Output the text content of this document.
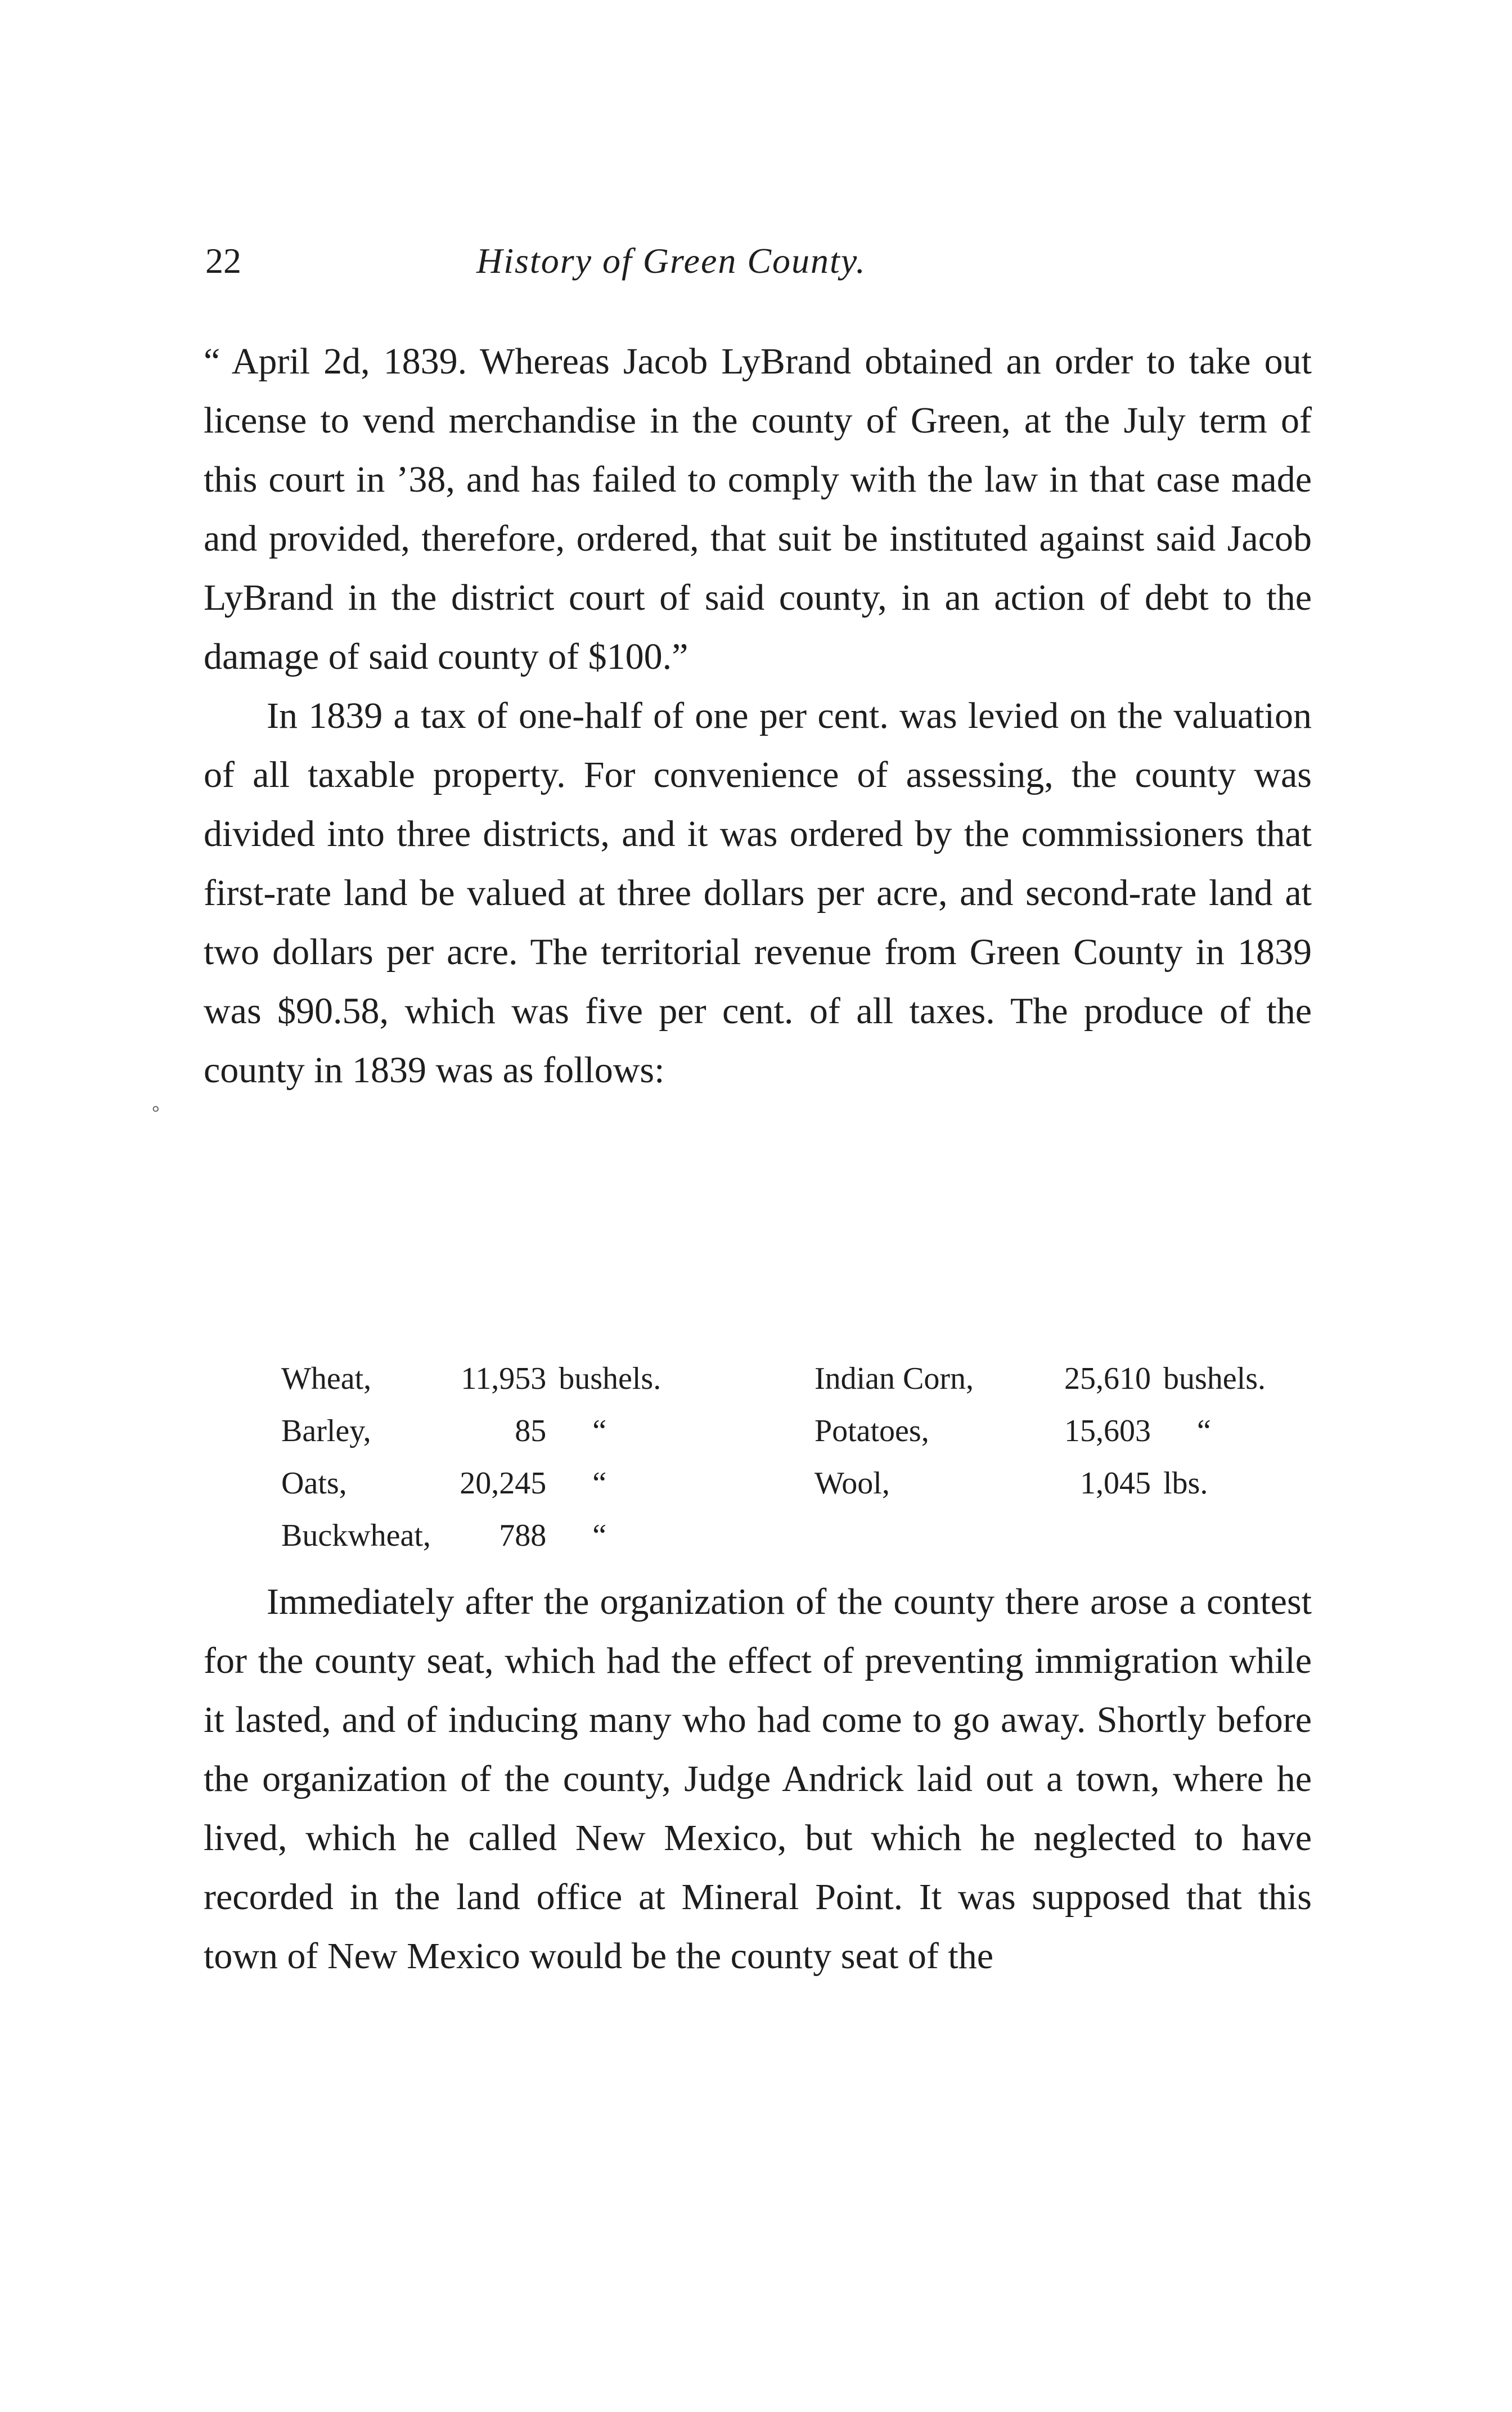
22	History of Green County.

“ April 2d, 1839. Whereas Jacob LyBrand obtained an order to take out license to vend merchandise in the county of Green, at the July term of this court in ’38, and has failed to comply with the law in that case made and provided, therefore, ordered, that suit be instituted against said Jacob LyBrand in the district court of said county, in an action of debt to the damage of said county of $100.”

In 1839 a tax of one-half of one per cent. was levied on the valuation of all taxable property. For convenience of assessing, the county was divided into three districts, and it was ordered by the commissioners that first-rate land be valued at three dollars per acre, and second-rate land at two dollars per acre. The territorial revenue from Green County in 1839 was $90.58, which was five per cent. of all taxes. The produce of the county in 1839 was as follows:

°
Wheat,	11,953	bushels.	Indian Corn,	25,610	bushels.
Barley,	85	“	Potatoes,	15,603	“
Oats,	20,245	“	Wool,	1,045	lbs.
Buckwheat,	788	“			

Immediately after the organization of the county there arose a contest for the county seat, which had the effect of preventing immigration while it lasted, and of inducing many who had come to go away. Shortly before the organization of the county, Judge Andrick laid out a town, where he lived, which he called New Mexico, but which he neglected to have recorded in the land office at Mineral Point. It was supposed that this town of New Mexico would be the county seat of the
